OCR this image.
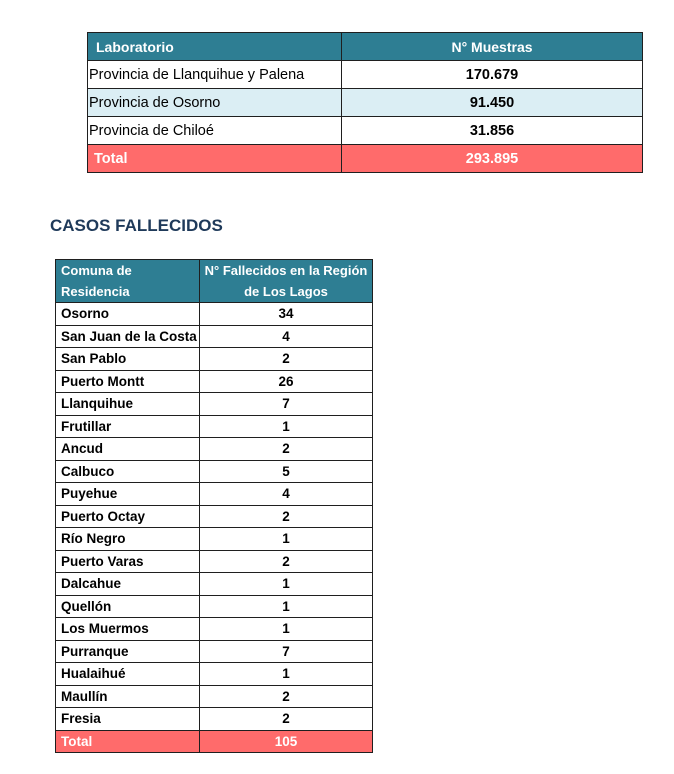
Laboratorio	N° Muestras
Provincia de Llanquihue y Palena	170.679
Provincia de Osorno	91.450
Provincia de Chiloé	31.856
Total	293.895
CASOS FALLECIDOS
Comuna de Residencia	N° Fallecidos en la Región de Los Lagos
Osorno	34
San Juan de la Costa	4
San Pablo	2
Puerto Montt	26
Llanquihue	7
Frutillar	1
Ancud	2
Calbuco	5
Puyehue	4
Puerto Octay	2
Río Negro	1
Puerto Varas	2
Dalcahue	1
Quellón	1
Los Muermos	1
Purranque	7
Hualaihué	1
Maullín	2
Fresia	2
Total	105
